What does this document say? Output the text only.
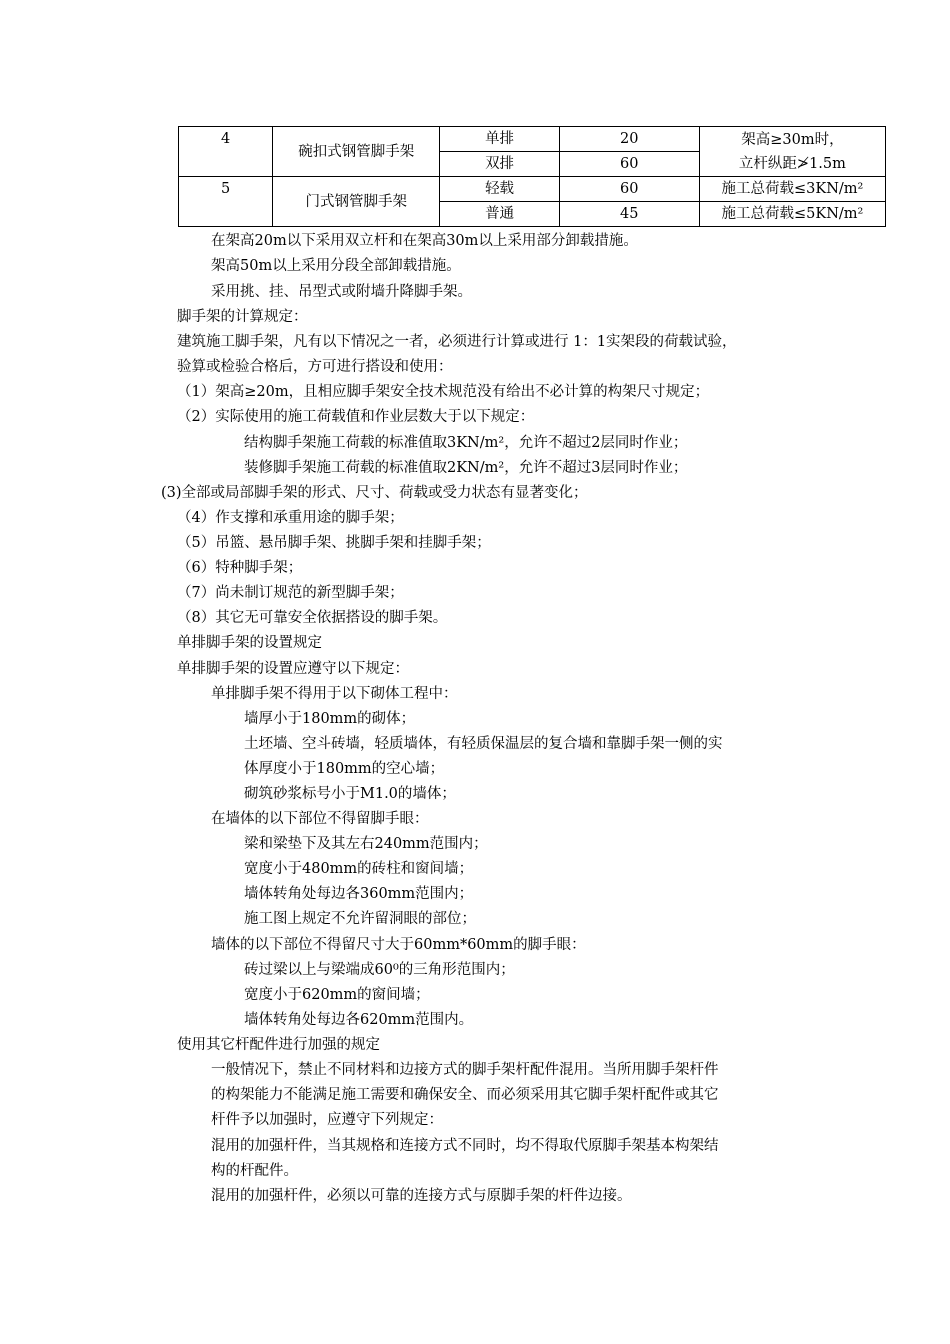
4	碗扣式钢管脚手架	单排	20	架高≥30m时，
立杆纵距≯1.5m

		双排	60	
5	门式钢管脚手架	轻载	60	施工总荷载≤3KN/m²
		普通	45	施工总荷载≤5KN/m²
在架高20m以下采用双立杆和在架高30m以上采用部分卸载措施。
架高50m以上采用分段全部卸载措施。
采用挑、挂、吊型式或附墙升降脚手架。
脚手架的计算规定：
建筑施工脚手架，凡有以下情况之一者，必须进行计算或进行 1：1实架段的荷载试验，
验算或检验合格后，方可进行搭设和使用：
（1）架高≥20m，且相应脚手架安全技术规范没有给出不必计算的构架尺寸规定；
（2）实际使用的施工荷载值和作业层数大于以下规定：
结构脚手架施工荷载的标准值取3KN/m²，允许不超过2层同时作业；
装修脚手架施工荷载的标准值取2KN/m²，允许不超过3层同时作业；
(3)全部或局部脚手架的形式、尺寸、荷载或受力状态有显著变化；
（4）作支撑和承重用途的脚手架；
（5）吊篮、悬吊脚手架、挑脚手架和挂脚手架；
（6）特种脚手架；
（7）尚未制订规范的新型脚手架；
（8）其它无可靠安全依据搭设的脚手架。
单排脚手架的设置规定
单排脚手架的设置应遵守以下规定：
单排脚手架不得用于以下砌体工程中：
墙厚小于180mm的砌体；
土坯墙、空斗砖墙，轻质墙体，有轻质保温层的复合墙和靠脚手架一侧的实
体厚度小于180mm的空心墙；
砌筑砂浆标号小于M1.0的墙体；
在墙体的以下部位不得留脚手眼：
梁和梁垫下及其左右240mm范围内；
宽度小于480mm的砖柱和窗间墙；
墙体转角处每边各360mm范围内；
施工图上规定不允许留洞眼的部位；
墙体的以下部位不得留尺寸大于60mm*60mm的脚手眼：
砖过梁以上与梁端成60⁰的三角形范围内；
宽度小于620mm的窗间墙；
墙体转角处每边各620mm范围内。
使用其它杆配件进行加强的规定
一般情况下，禁止不同材料和边接方式的脚手架杆配件混用。当所用脚手架杆件
的构架能力不能满足施工需要和确保安全、而必须采用其它脚手架杆配件或其它
杆件予以加强时，应遵守下列规定：
混用的加强杆件，当其规格和连接方式不同时，均不得取代原脚手架基本构架结
构的杆配件。
混用的加强杆件，必须以可靠的连接方式与原脚手架的杆件边接。
